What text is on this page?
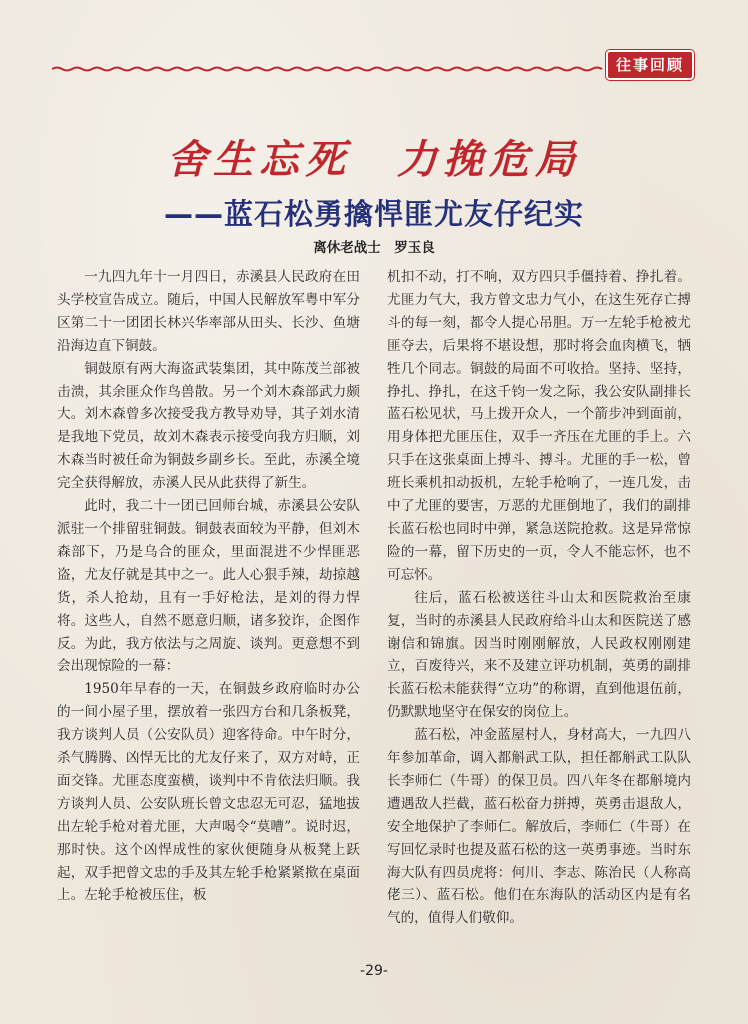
往事回顾
舍生忘死　力挽危局
——蓝石松勇擒悍匪尤友仔纪实
离休老战士　罗玉良

一九四九年十一月四日，赤溪县人民政府在田头学校宣告成立。随后，中国人民解放军粤中军分区第二十一团团长林兴华率部从田头、长沙、鱼塘沿海边直下铜鼓。

铜鼓原有两大海盗武装集团，其中陈茂兰部被击溃，其余匪众作鸟兽散。另一个刘木森部武力颇大。刘木森曾多次接受我方教导劝导，其子刘水清是我地下党员，故刘木森表示接受向我方归顺，刘木森当时被任命为铜鼓乡副乡长。至此，赤溪全境完全获得解放，赤溪人民从此获得了新生。

此时，我二十一团已回师台城，赤溪县公安队派驻一个排留驻铜鼓。铜鼓表面较为平静，但刘木森部下，乃是乌合的匪众，里面混进不少悍匪恶盗，尤友仔就是其中之一。此人心狠手辣，劫掠越货，杀人抢劫，且有一手好枪法，是刘的得力悍将。这些人，自然不愿意归顺，诸多狡诈，企图作反。为此，我方依法与之周旋、谈判。更意想不到会出现惊险的一幕：

1950年早春的一天，在铜鼓乡政府临时办公的一间小屋子里，摆放着一张四方台和几条板凳，我方谈判人员（公安队员）迎客待命。中午时分，杀气腾腾、凶悍无比的尤友仔来了，双方对峙，正面交锋。尤匪态度蛮横，谈判中不肯依法归顺。我方谈判人员、公安队班长曾文忠忍无可忍，猛地拔出左轮手枪对着尤匪，大声喝令“莫嘈”。说时迟，那时快。这个凶悍成性的家伙便随身从板凳上跃起，双手把曾文忠的手及其左轮手枪紧紧揿在桌面上。左轮手枪被压住，板

机扣不动，打不响，双方四只手僵持着、挣扎着。尤匪力气大，我方曾文忠力气小，在这生死存亡搏斗的每一刻，都令人提心吊胆。万一左轮手枪被尤匪夺去，后果将不堪设想，那时将会血肉横飞，牺牲几个同志。铜鼓的局面不可收拾。坚持、坚持，挣扎、挣扎，在这千钧一发之际，我公安队副排长蓝石松见状，马上拨开众人，一个箭步冲到面前，用身体把尤匪压住，双手一齐压在尤匪的手上。六只手在这张桌面上搏斗、搏斗。尤匪的手一松，曾班长乘机扣动扳机，左轮手枪响了，一连几发，击中了尤匪的要害，万恶的尤匪倒地了，我们的副排长蓝石松也同时中弹，紧急送院抢救。这是异常惊险的一幕，留下历史的一页，令人不能忘怀，也不可忘怀。

往后，蓝石松被送往斗山太和医院救治至康复，当时的赤溪县人民政府给斗山太和医院送了感谢信和锦旗。因当时刚刚解放，人民政权刚刚建立，百废待兴，来不及建立评功机制，英勇的副排长蓝石松未能获得“立功”的称谓，直到他退伍前，仍默默地坚守在保安的岗位上。

蓝石松，冲金蓝屋村人，身材高大，一九四八年参加革命，调入都斛武工队，担任都斛武工队队长李师仁（牛哥）的保卫员。四八年冬在都斛境内遭遇敌人拦截，蓝石松奋力拼搏，英勇击退敌人，安全地保护了李师仁。解放后，李师仁（牛哥）在写回忆录时也提及蓝石松的这一英勇事迹。当时东海大队有四员虎将：何川、李志、陈治民（人称高佬三）、蓝石松。他们在东海队的活动区内是有名气的，值得人们敬仰。

-29-
